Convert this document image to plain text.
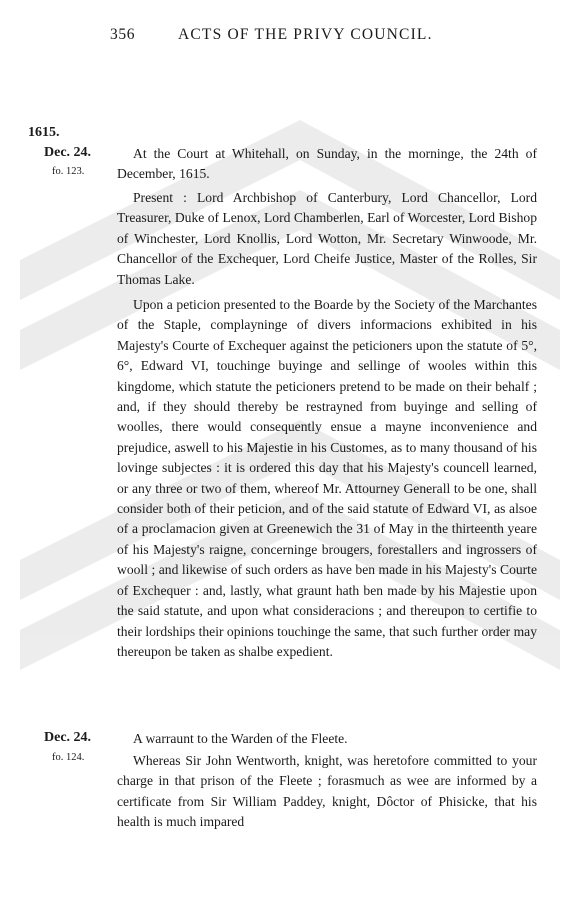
356	ACTS OF THE PRIVY COUNCIL.
1615.
Dec. 24.
fo. 123.

At the Court at Whitehall, on Sunday, in the morninge, the 24th of December, 1615.

Present : Lord Archbishop of Canterbury, Lord Chancellor, Lord Treasurer, Duke of Lenox, Lord Chamberlen, Earl of Worcester, Lord Bishop of Winchester, Lord Knollis, Lord Wotton, Mr. Secretary Winwoode, Mr. Chancellor of the Exchequer, Lord Cheife Justice, Master of the Rolles, Sir Thomas Lake.

Upon a peticion presented to the Boarde by the Society of the Marchantes of the Staple, complayninge of divers informacions exhibited in his Majesty's Courte of Exchequer against the peticioners upon the statute of 5°, 6°, Edward VI, touchinge buyinge and sellinge of wooles within this kingdome, which statute the peticioners pretend to be made on their behalf ; and, if they should thereby be restrayned from buyinge and selling of woolles, there would consequently ensue a mayne inconvenience and prejudice, aswell to his Majestie in his Customes, as to many thousand of his lovinge subjectes : it is ordered this day that his Majesty's councell learned, or any three or two of them, whereof Mr. Attourney Generall to be one, shall consider both of their peticion, and of the said statute of Edward VI, as alsoe of a proclamacion given at Greenewich the 31 of May in the thirteenth yeare of his Majesty's raigne, concerninge brougers, forestallers and ingrossers of wooll ; and likewise of such orders as have ben made in his Majesty's Courte of Exchequer : and, lastly, what graunt hath ben made by his Majestie upon the said statute, and upon what consideracions ; and thereupon to certifie to their lordships their opinions touchinge the same, that such further order may thereupon be taken as shalbe expedient.

Dec. 24.
fo. 124.

A warraunt to the Warden of the Fleete.

Whereas Sir John Wentworth, knight, was heretofore committed to your charge in that prison of the Fleete ; forasmuch as wee are informed by a certificate from Sir William Paddey, knight, Dôctor of Phisicke, that his health is much impared
